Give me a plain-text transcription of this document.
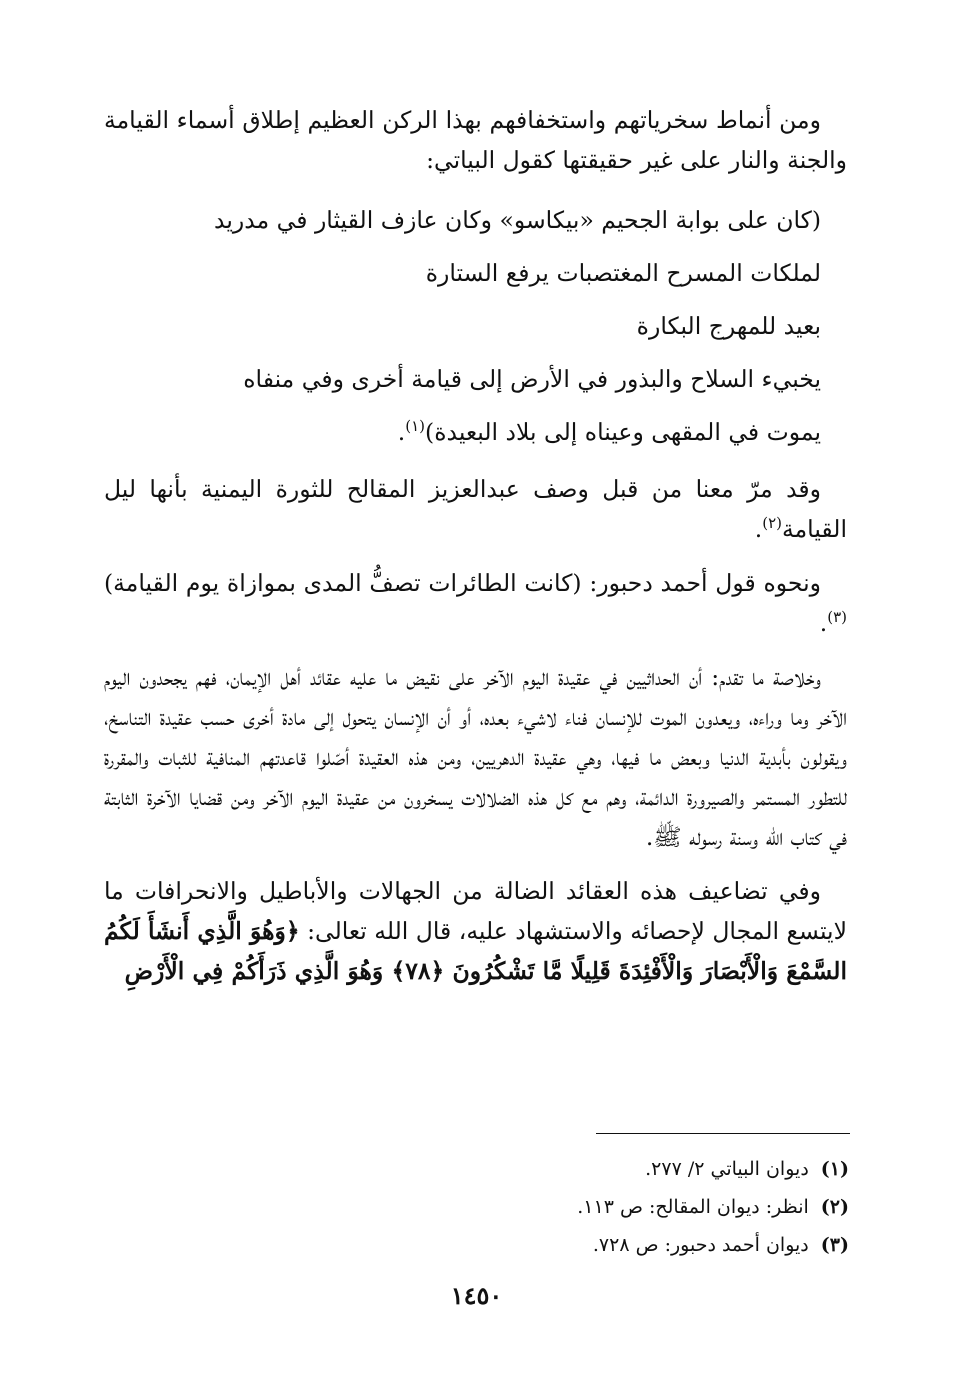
ومن أنماط سخرياتهم واستخفافهم بهذا الركن العظيم إطلاق أسماء القيامة والجنة والنار على غير حقيقتها كقول البياتي:

(كان على بوابة الجحيم «بيكاسو» وكان عازف القيثار في مدريد

لملكات المسرح المغتصبات يرفع الستارة

بعيد للمهرج البكارة

يخبيء السلاح والبذور في الأرض إلى قيامة أخرى وفي منفاه

يموت في المقهى وعيناه إلى بلاد البعيدة)$^{(١)}$.

وقد مرّ معنا من قبل وصف عبدالعزيز المقالح للثورة اليمنية بأنها ليل القيامة$^{(٢)}$.

ونحوه قول أحمد دحبور: (كانت الطائرات تصفُّ المدى بموازاة يوم القيامة)$^{(٣)}$.

وخلاصة ما تقدم: أن الحداثيين في عقيدة اليوم الآخر على نقيض ما عليه عقائد أهل الإيمان، فهم يجحدون اليوم الآخر وما وراءه، ويعدون الموت للإنسان فناء لاشيء بعده، أو أن الإنسان يتحول إلى مادة أخرى حسب عقيدة التناسخ، ويقولون بأبدية الدنيا وبعض ما فيها، وهي عقيدة الدهريين، ومن هذه العقيدة أصّلوا قاعدتهم المنافية للثبات والمقررة للتطور المستمر والصيرورة الدائمة، وهم مع كل هذه الضلالات يسخرون من عقيدة اليوم الآخر ومن قضايا الآخرة الثابتة في كتاب الله وسنة رسوله ﷺ.

وفي تضاعيف هذه العقائد الضالة من الجهالات والأباطيل والانحرافات ما لايتسع المجال لإحصائه والاستشهاد عليه، قال الله تعالى: ﴿وَهُوَ الَّذِي أَنشَأَ لَكُمُ السَّمْعَ وَالْأَبْصَارَ وَالْأَفْئِدَةَ قَلِيلًا مَّا تَشْكُرُونَ ﴿٧٨﴾ وَهُوَ الَّذِي ذَرَأَكُمْ فِي الْأَرْضِ

(١)ديوان البياتي ٢/ ٢٧٧.
(٢)انظر: ديوان المقالح: ص ١١٣.
(٣)ديوان أحمد دحبور: ص ٧٢٨.
١٤٥٠
